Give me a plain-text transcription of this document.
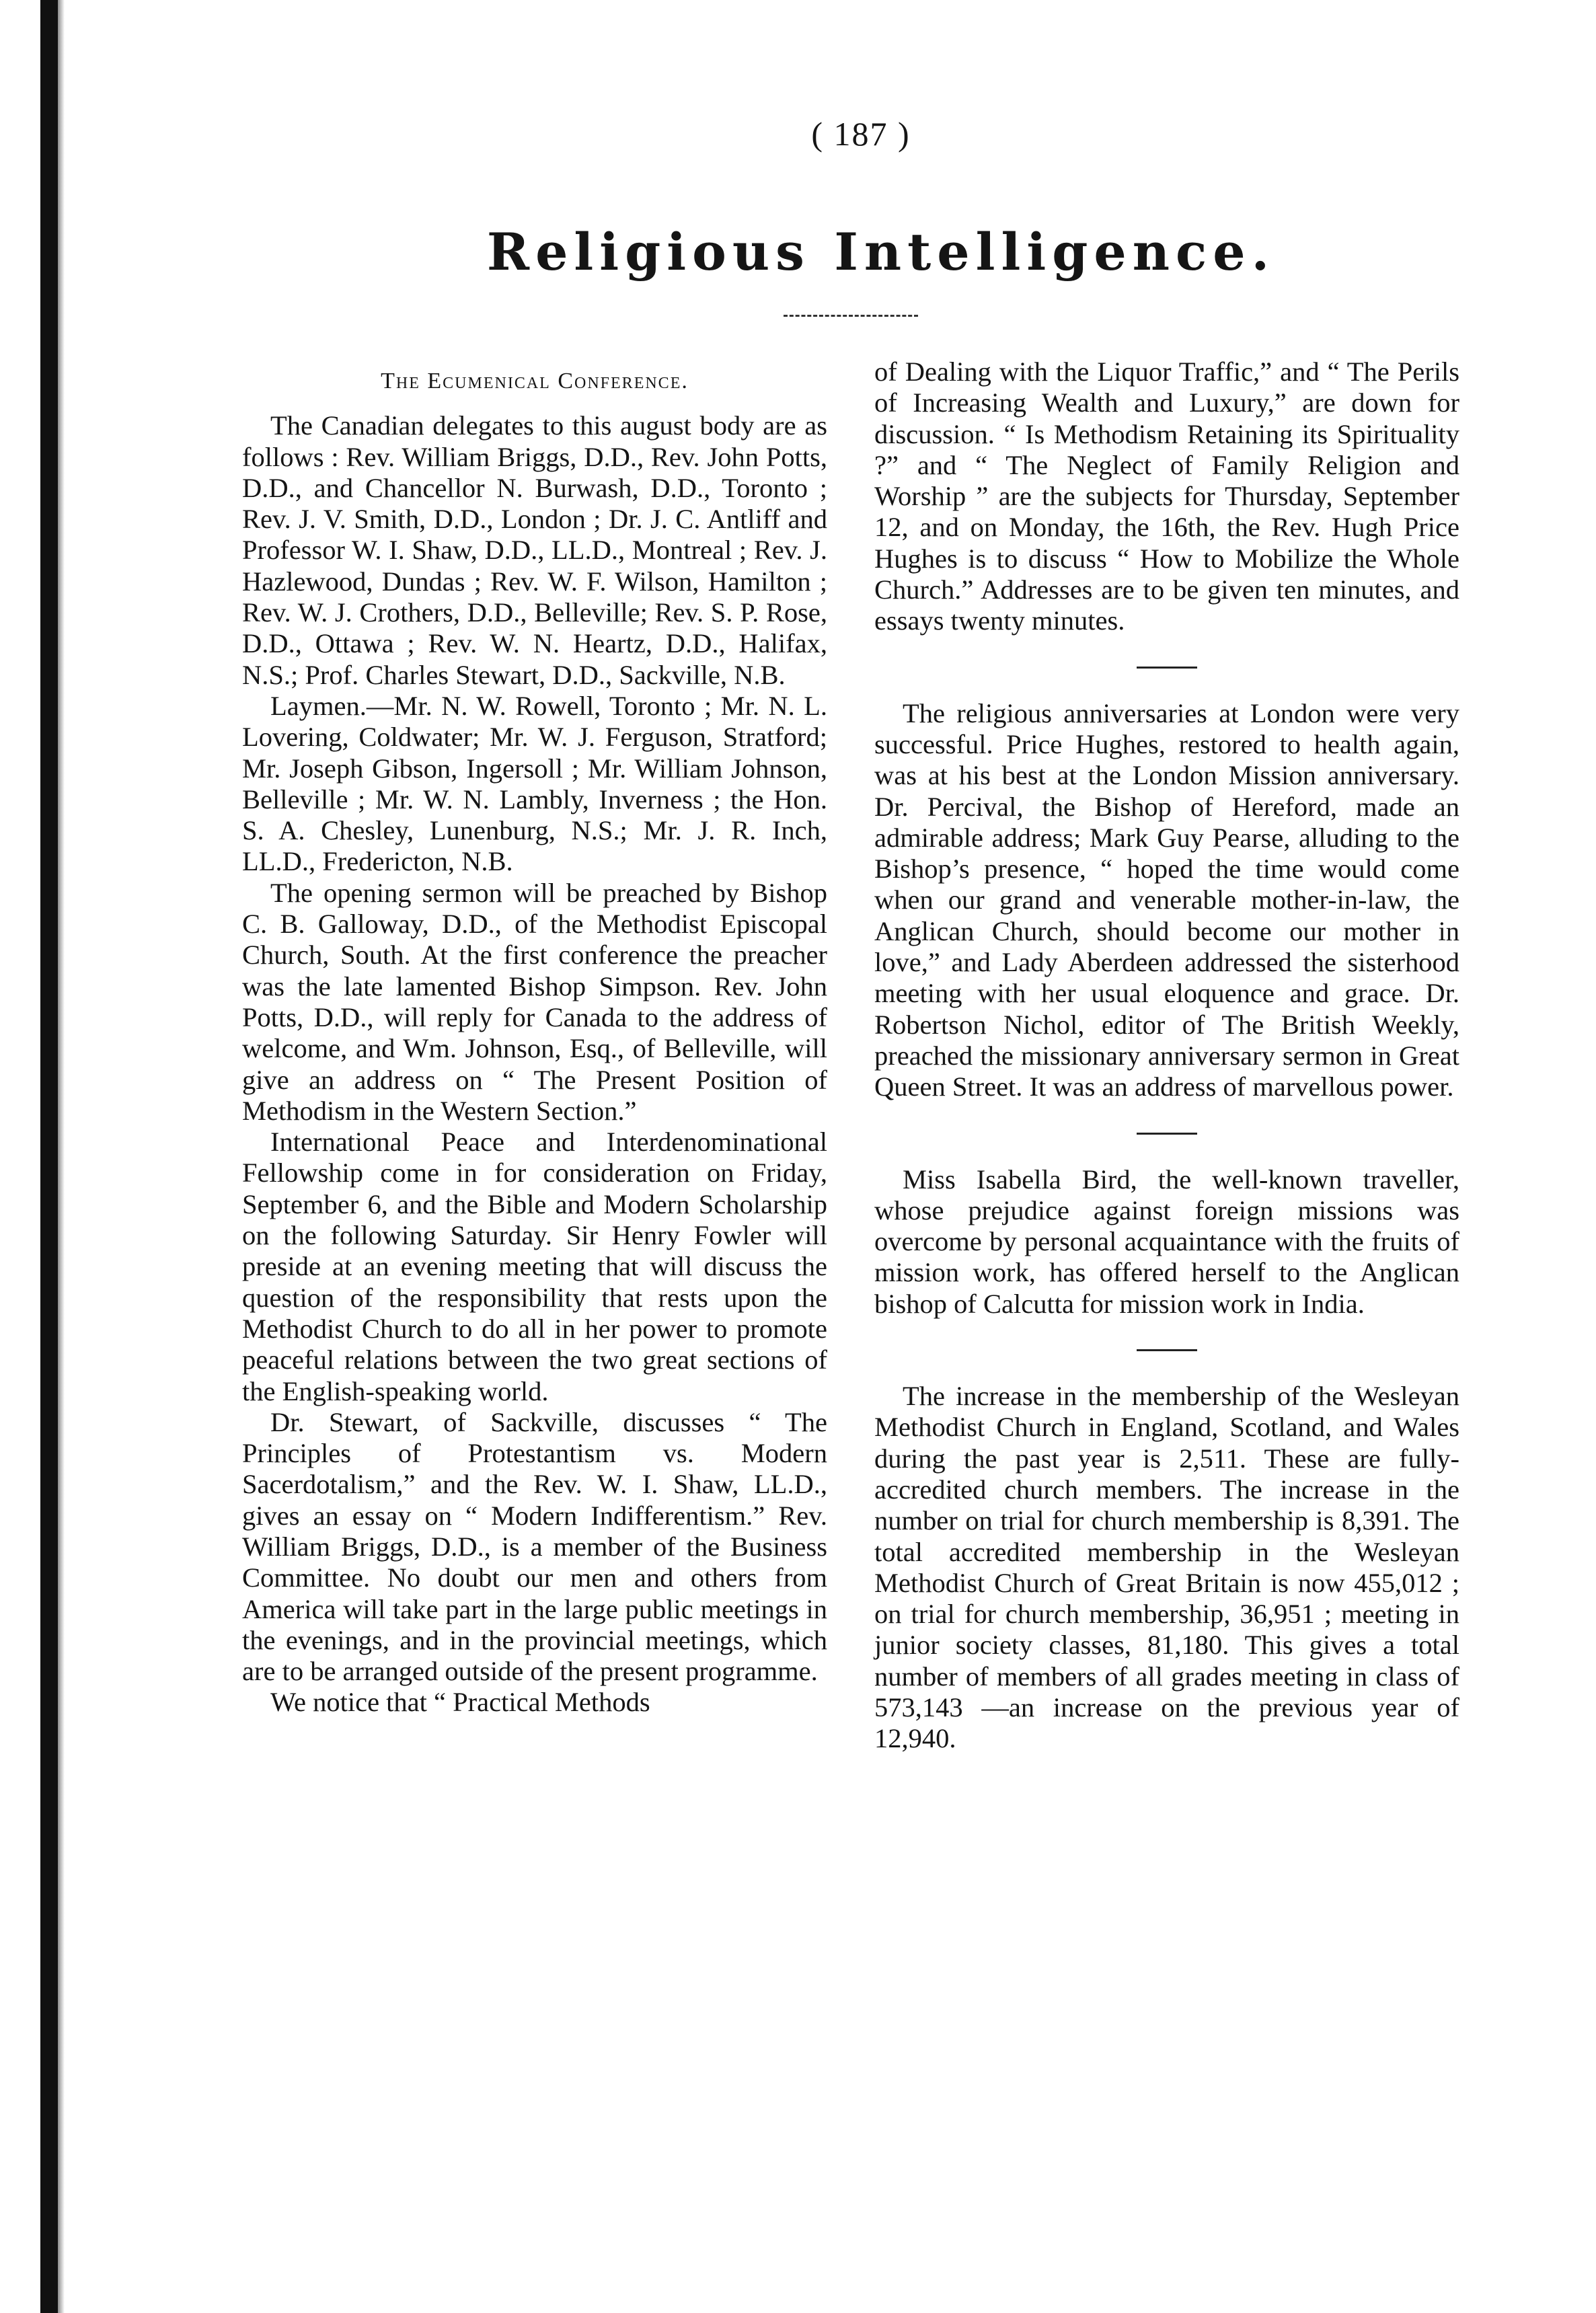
( 187 )
Religious Intelligence.
The Ecumenical Conference.

The Canadian delegates to this august body are as follows : Rev. William Briggs, D.D., Rev. John Potts, D.D., and Chancellor N. Burwash, D.D., Toronto ; Rev. J. V. Smith, D.D., London ; Dr. J. C. Antliff and Professor W. I. Shaw, D.D., LL.D., Montreal ; Rev. J. Hazlewood, Dundas ; Rev. W. F. Wilson, Hamilton ; Rev. W. J. Crothers, D.D., Belleville; Rev. S. P. Rose, D.D., Ottawa ; Rev. W. N. Heartz, D.D., Halifax, N.S.; Prof. Charles Stewart, D.D., Sackville, N.B.

Laymen.—Mr. N. W. Rowell, Toronto ; Mr. N. L. Lovering, Coldwater; Mr. W. J. Ferguson, Stratford; Mr. Joseph Gibson, Ingersoll ; Mr. William Johnson, Belleville ; Mr. W. N. Lambly, Inverness ; the Hon. S. A. Chesley, Lunenburg, N.S.; Mr. J. R. Inch, LL.D., Fredericton, N.B.

The opening sermon will be preached by Bishop C. B. Galloway, D.D., of the Methodist Episcopal Church, South. At the first conference the preacher was the late lamented Bishop Simpson. Rev. John Potts, D.D., will reply for Canada to the address of welcome, and Wm. Johnson, Esq., of Belleville, will give an address on “ The Present Position of Methodism in the Western Section.”

International Peace and Interdenominational Fellowship come in for consideration on Friday, September 6, and the Bible and Modern Scholarship on the following Saturday. Sir Henry Fowler will preside at an evening meeting that will discuss the question of the responsibility that rests upon the Methodist Church to do all in her power to promote peaceful relations between the two great sections of the English-speaking world.

Dr. Stewart, of Sackville, discusses “ The Principles of Protestantism vs. Modern Sacerdotalism,” and the Rev. W. I. Shaw, LL.D., gives an essay on “ Modern Indifferentism.” Rev. William Briggs, D.D., is a member of the Business Committee. No doubt our men and others from America will take part in the large public meetings in the evenings, and in the provincial meetings, which are to be arranged outside of the present programme.

We notice that “ Practical Methods

of Dealing with the Liquor Traffic,” and “ The Perils of Increasing Wealth and Luxury,” are down for discussion. “ Is Methodism Retaining its Spirituality ?” and “ The Neglect of Family Religion and Worship ” are the subjects for Thursday, September 12, and on Monday, the 16th, the Rev. Hugh Price Hughes is to discuss “ How to Mobilize the Whole Church.” Addresses are to be given ten minutes, and essays twenty minutes.

The religious anniversaries at London were very successful. Price Hughes, restored to health again, was at his best at the London Mission anniversary. Dr. Percival, the Bishop of Hereford, made an admirable address; Mark Guy Pearse, alluding to the Bishop’s presence, “ hoped the time would come when our grand and venerable mother-in-law, the Anglican Church, should become our mother in love,” and Lady Aberdeen addressed the sisterhood meeting with her usual eloquence and grace. Dr. Robertson Nichol, editor of The British Weekly, preached the missionary anniversary sermon in Great Queen Street. It was an address of marvellous power.

Miss Isabella Bird, the well-known traveller, whose prejudice against foreign missions was overcome by personal acquaintance with the fruits of mission work, has offered herself to the Anglican bishop of Calcutta for mission work in India.

The increase in the membership of the Wesleyan Methodist Church in England, Scotland, and Wales during the past year is 2,511. These are fully-accredited church members. The increase in the number on trial for church membership is 8,391. The total accredited membership in the Wesleyan Methodist Church of Great Britain is now 455,012 ; on trial for church membership, 36,951 ; meeting in junior society classes, 81,180. This gives a total number of members of all grades meeting in class of 573,143 —an increase on the previous year of 12,940.
